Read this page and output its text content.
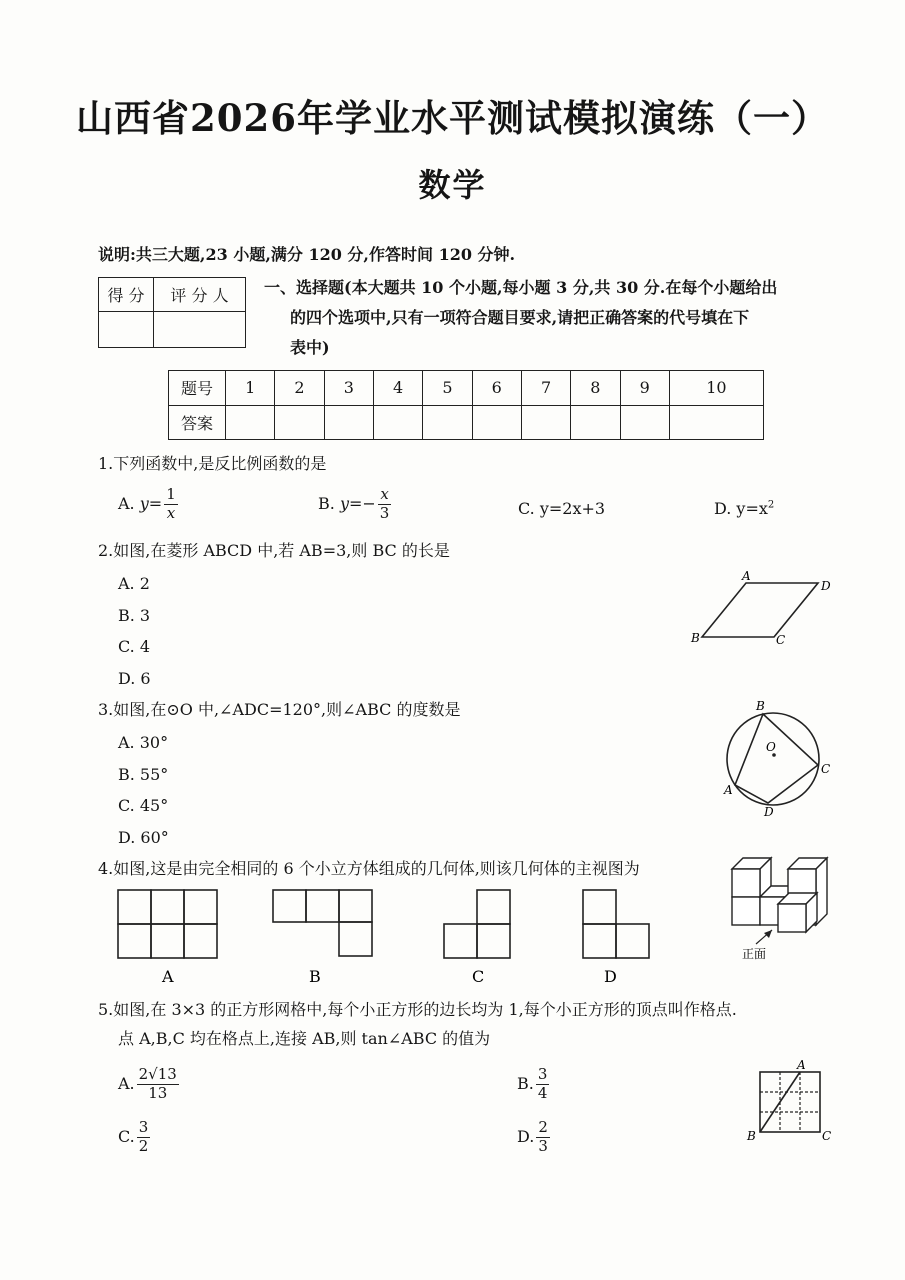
山西省2026年学业水平测试模拟演练（一）
数学
说明:共三大题,23 小题,满分 120 分,作答时间 120 分钟.
得 分	评 分 人
	一、选择题(本大题共 10 个小题,每小题 3 分,共 30 分.在每个小题给出
的四个选项中,只有一项符合题目要求,请把正确答案的代号填在下
表中)
题号	1	2	3	4	5	6	7	8	9	10
答案										
1.下列函数中,是反比例函数的是
A. $y= \frac{1}{x}$	B. $y=- \frac{x}{3}$	C. y=2x+3	D. $y=x^2$
2.如图,在菱形 ABCD 中,若 AB=3,则 BC 的长是
A. 2
B. 3
C. 4
D. 6
A
D
B	C
3.如图,在⊙O 中,∠ADC=120°,则∠ABC 的度数是
A. 30°
B. 55°
C. 45°
D. 60°
O
B
C
D
A
4.如图,这是由完全相同的 6 个小立方体组成的几何体,则该几何体的主视图为
A	B	C	D
正面
5.如图,在 3×3 的正方形网格中,每个小正方形的边长均为 1,每个小正方形的顶点叫作格点.
点 A,B,C 均在格点上,连接 AB,则 tan∠ABC 的值为
A. $\frac{2√13}{13}$	B. $\frac{3}{4}$
C. $\frac{3}{2}$	D. $\frac{2}{3}$
A
B	C
